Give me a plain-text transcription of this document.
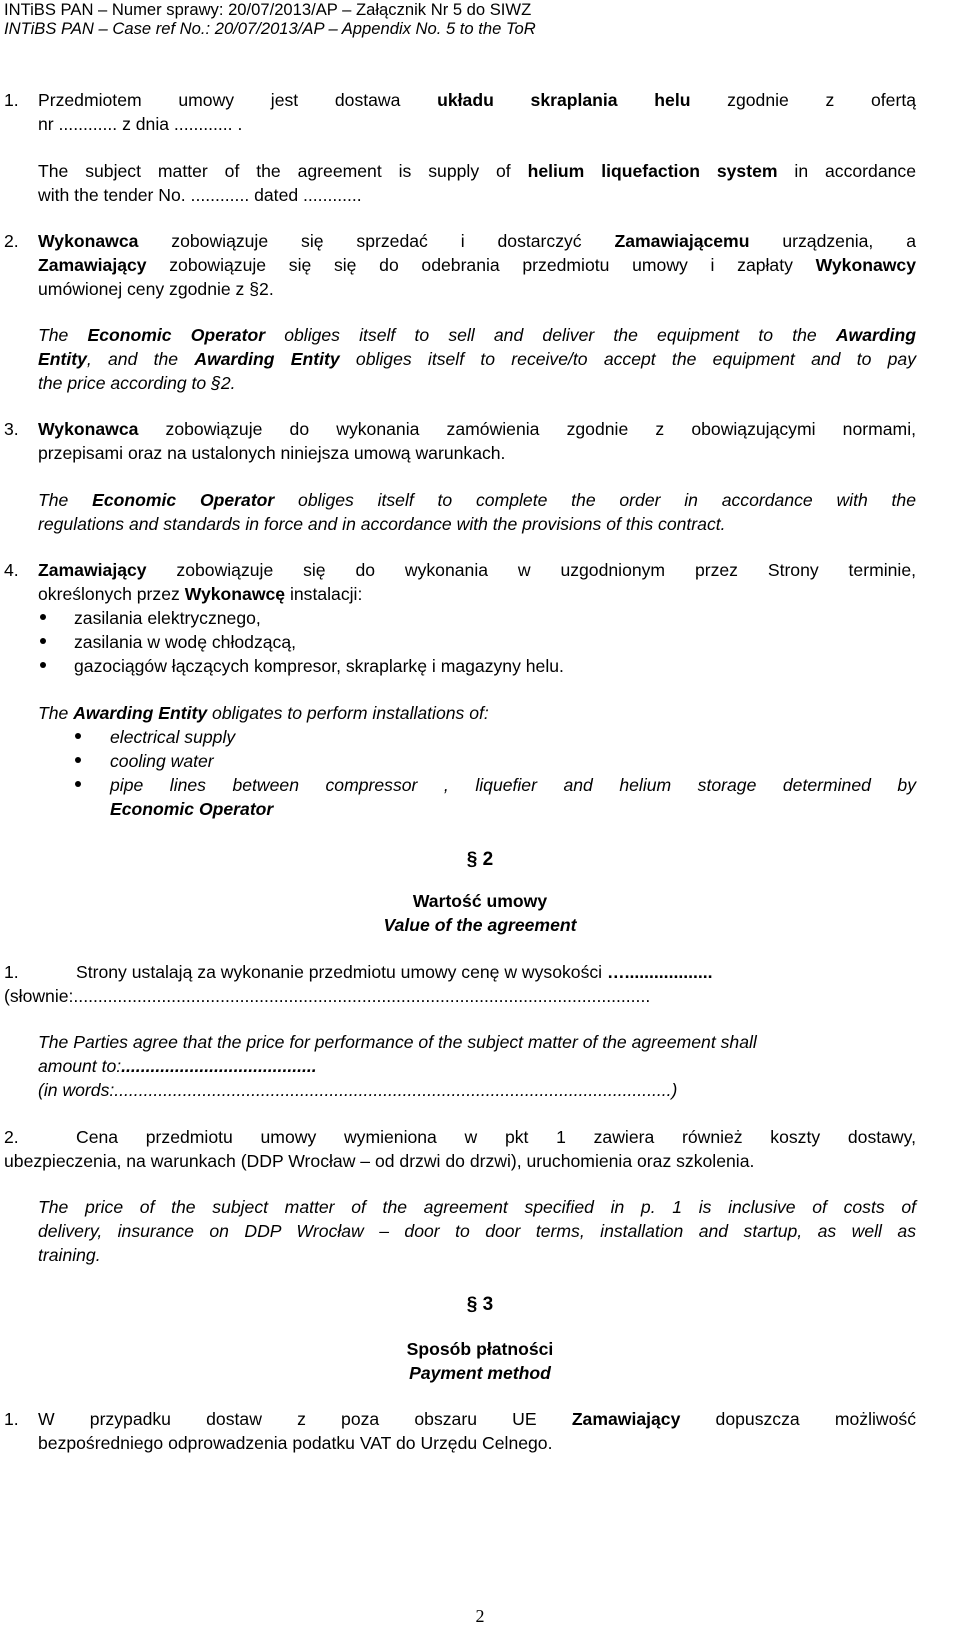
INTiBS PAN – Numer sprawy: 20/07/2013/AP – Załącznik Nr 5 do SIWZ
INTiBS PAN – Case ref No.: 20/07/2013/AP – Appendix No. 5 to the ToR
1. Przedmiotem umowy jest dostawa układu skraplania helu zgodnie z ofertą
nr ............ z dnia ............ .
The subject matter of the agreement is supply of helium liquefaction system in accordance
with the tender No. ............ dated ............
2. Wykonawca zobowiązuje się sprzedać i dostarczyć Zamawiającemu urządzenia, a
Zamawiający zobowiązuje się się do odebrania przedmiotu umowy i zapłaty Wykonawcy
umówionej ceny zgodnie z §2.
The Economic Operator obliges itself to sell and deliver the equipment to the Awarding
Entity, and the Awarding Entity obliges itself to receive/to accept the equipment and to pay
the price according to §2.
3. Wykonawca zobowiązuje do wykonania zamówienia zgodnie z obowiązującymi normami,
przepisami oraz na ustalonych niniejsza umową warunkach.
The Economic Operator obliges itself to complete the order in accordance with the
regulations and standards in force and in accordance with the provisions of this contract.
4. Zamawiający zobowiązuje się do wykonania w uzgodnionym przez Strony terminie,
określonych przez Wykonawcę instalacji:
zasilania elektrycznego,
zasilania w wodę chłodzącą,
gazociągów łączących kompresor, skraplarkę i magazyny helu.
The Awarding Entity obligates to perform installations of:
electrical supply
cooling water
pipe lines between compressor , liquefier and helium storage determined by
Economic Operator
§ 2
Wartość umowy
Value of the agreement
1.	Strony ustalają za wykonanie przedmiotu umowy cenę w wysokości …..................
(słownie:......................................................................................................................
The Parties agree that the price for performance of the subject matter of the agreement shall
amount to:........................................
(in words:..................................................................................................................)
2.	Cena przedmiotu umowy wymieniona w pkt 1 zawiera również koszty dostawy,
ubezpieczenia, na warunkach (DDP Wrocław – od drzwi do drzwi), uruchomienia oraz szkolenia.
The price of the subject matter of the agreement specified in p. 1 is inclusive of costs of
delivery, insurance on DDP Wrocław – door to door terms, installation and startup, as well as
training.
§ 3
Sposób płatności
Payment method
1. W przypadku dostaw z poza obszaru UE Zamawiający dopuszcza możliwość
bezpośredniego odprowadzenia podatku VAT do Urzędu Celnego.
2
